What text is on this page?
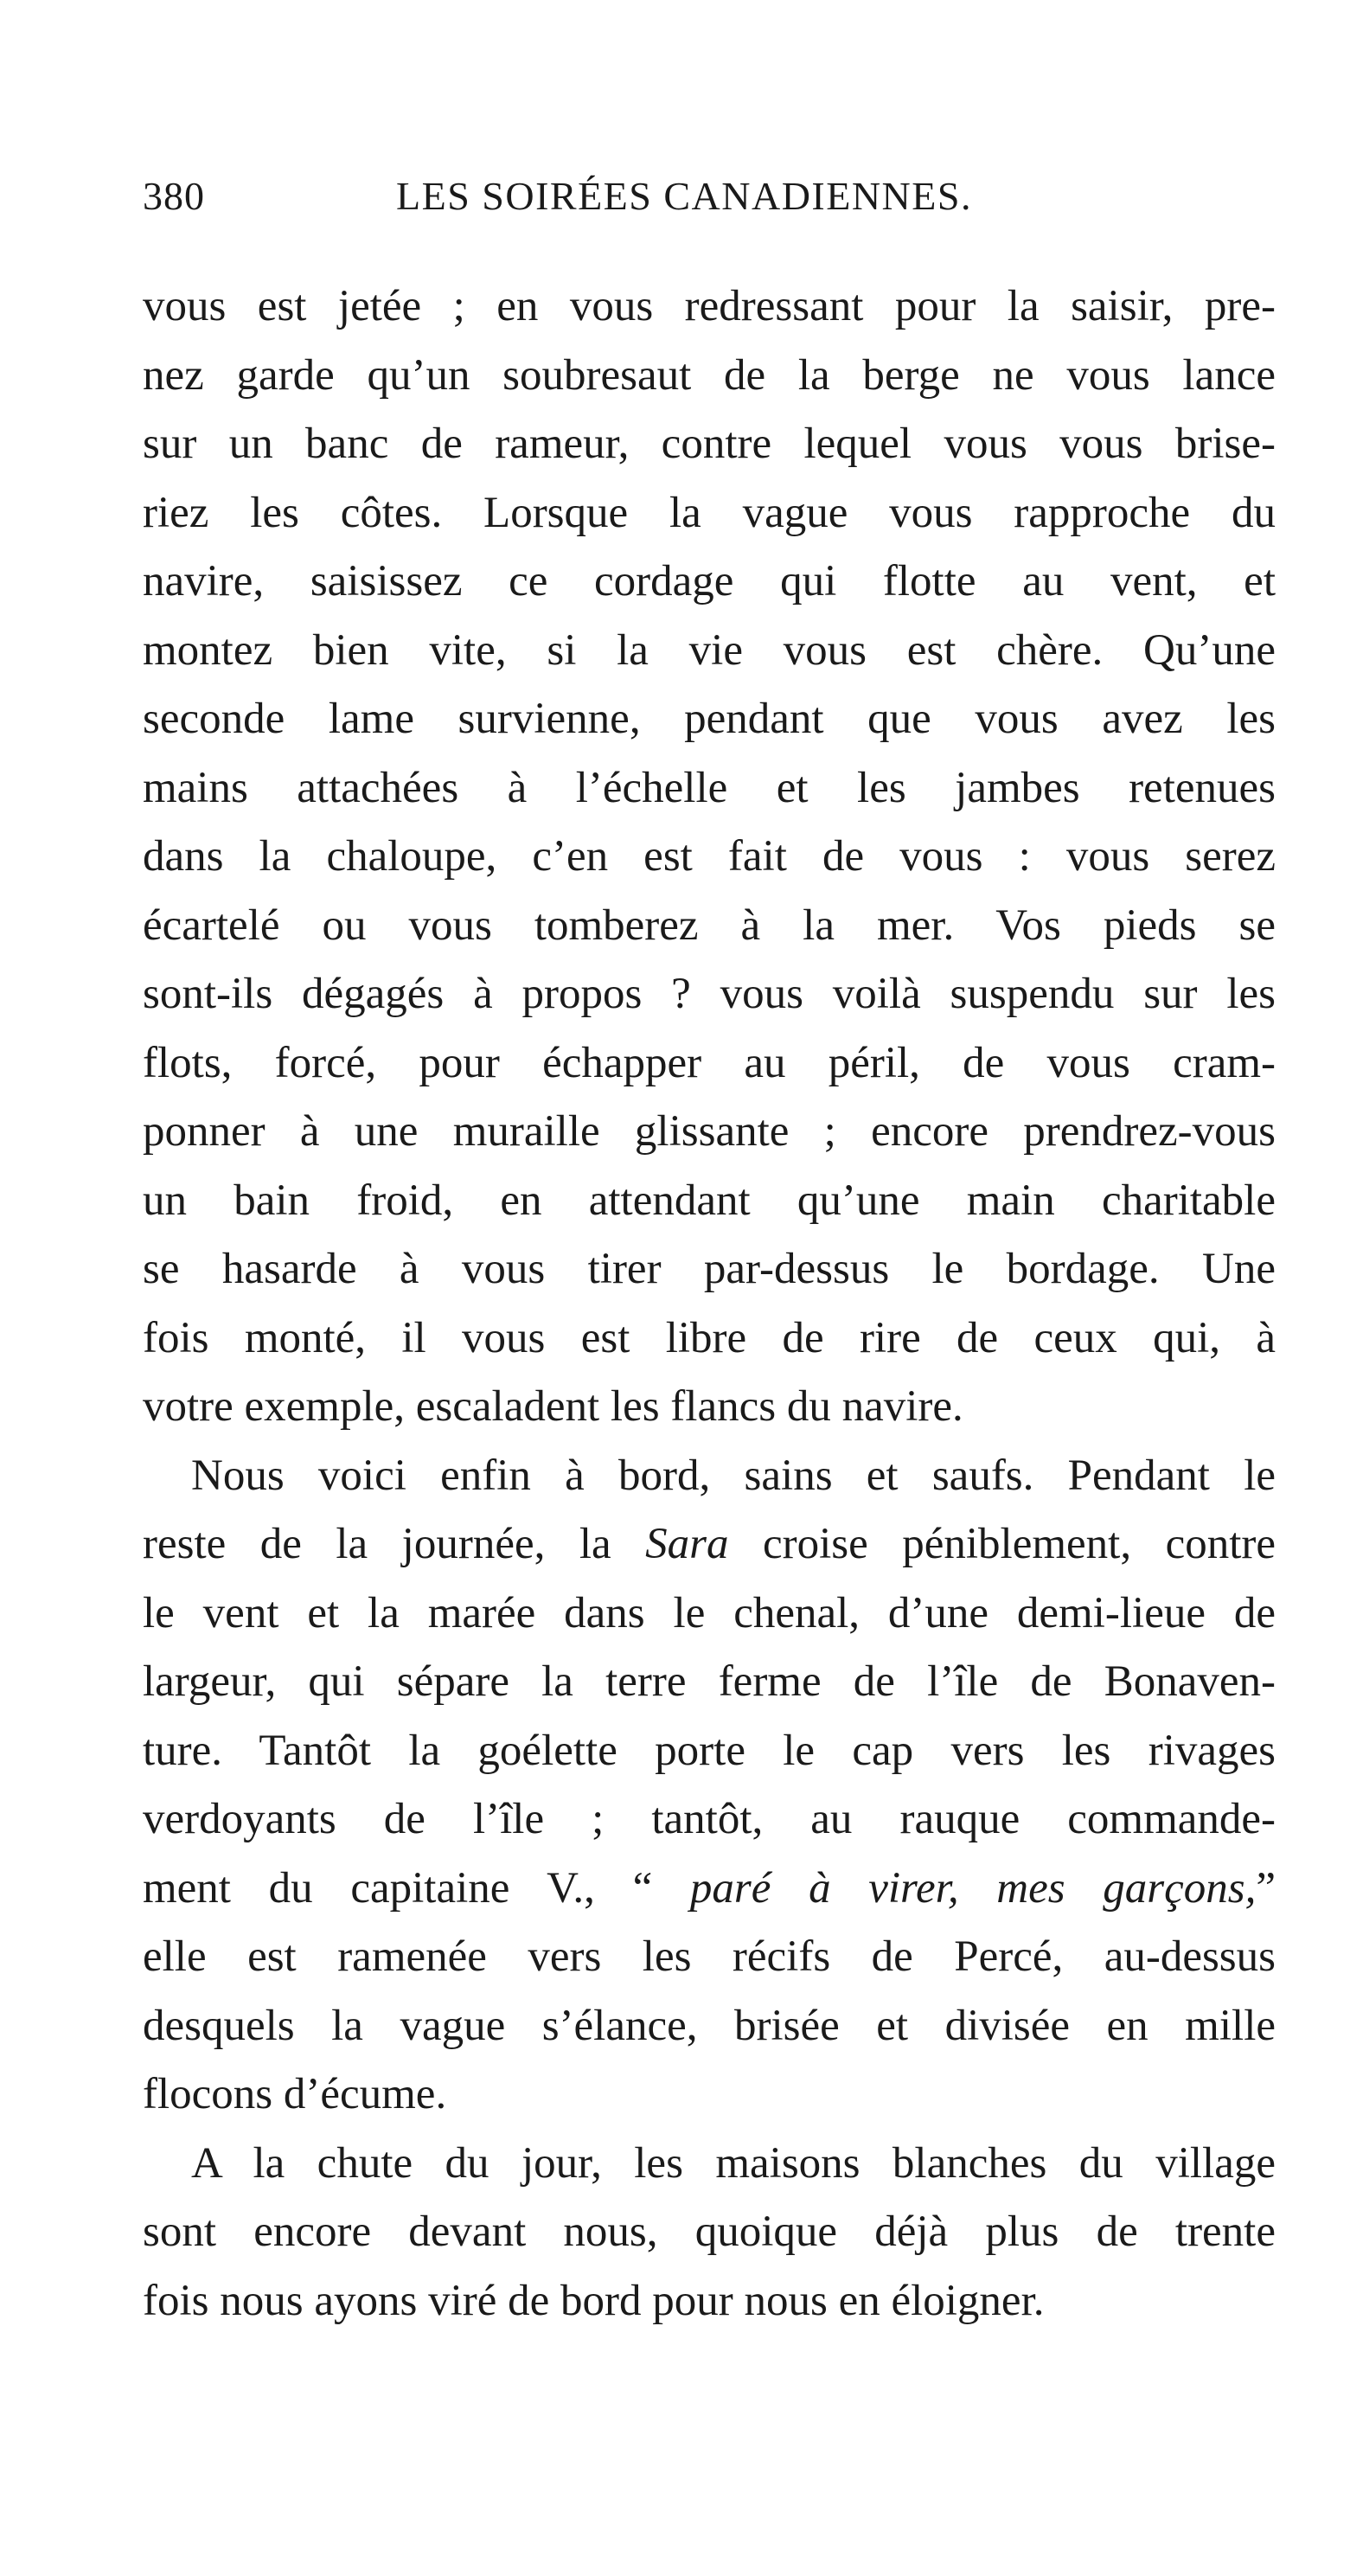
380	LES SOIRÉES CANADIENNES.
vous est jetée ; en vous redressant pour la saisir, pre-
nez garde qu’un soubresaut de la berge ne vous lance
sur un banc de rameur, contre lequel vous vous brise-
riez les côtes. Lorsque la vague vous rapproche du
navire, saisissez ce cordage qui flotte au vent, et
montez bien vite, si la vie vous est chère. Qu’une
seconde lame survienne, pendant que vous avez les
mains attachées à l’échelle et les jambes retenues
dans la chaloupe, c’en est fait de vous : vous serez
écartelé ou vous tomberez à la mer. Vos pieds se
sont-ils dégagés à propos ? vous voilà suspendu sur les
flots, forcé, pour échapper au péril, de vous cram-
ponner à une muraille glissante ; encore prendrez-vous
un bain froid, en attendant qu’une main charitable
se hasarde à vous tirer par-dessus le bordage. Une
fois monté, il vous est libre de rire de ceux qui, à
votre exemple, escaladent les flancs du navire.
Nous voici enfin à bord, sains et saufs. Pendant le
reste de la journée, la Sara croise péniblement, contre
le vent et la marée dans le chenal, d’une demi-lieue de
largeur, qui sépare la terre ferme de l’île de Bonaven-
ture. Tantôt la goélette porte le cap vers les rivages
verdoyants de l’île ; tantôt, au rauque commande-
ment du capitaine V., “ paré à virer, mes garçons,”
elle est ramenée vers les récifs de Percé, au-dessus
desquels la vague s’élance, brisée et divisée en mille
flocons d’écume.
A la chute du jour, les maisons blanches du village
sont encore devant nous, quoique déjà plus de trente
fois nous ayons viré de bord pour nous en éloigner.
